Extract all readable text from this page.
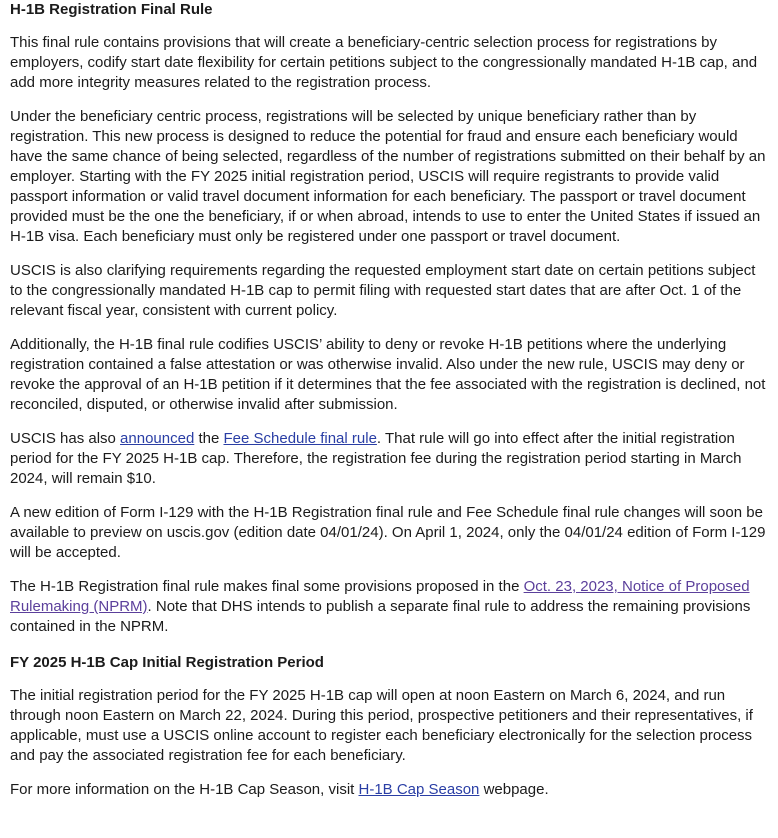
H-1B Registration Final Rule

This final rule contains provisions that will create a beneficiary-centric selection process for registrations by employers, codify start date flexibility for certain petitions subject to the congressionally mandated H-1B cap, and add more integrity measures related to the registration process.

Under the beneficiary centric process, registrations will be selected by unique beneficiary rather than by registration. This new process is designed to reduce the potential for fraud and ensure each beneficiary would have the same chance of being selected, regardless of the number of registrations submitted on their behalf by an employer. Starting with the FY 2025 initial registration period, USCIS will require registrants to provide valid passport information or valid travel document information for each beneficiary. The passport or travel document provided must be the one the beneficiary, if or when abroad, intends to use to enter the United States if issued an H-1B visa. Each beneficiary must only be registered under one passport or travel document.

USCIS is also clarifying requirements regarding the requested employment start date on certain petitions subject to the congressionally mandated H-1B cap to permit filing with requested start dates that are after Oct. 1 of the relevant fiscal year, consistent with current policy.

Additionally, the H-1B final rule codifies USCIS’ ability to deny or revoke H-1B petitions where the underlying registration contained a false attestation or was otherwise invalid. Also under the new rule, USCIS may deny or revoke the approval of an H-1B petition if it determines that the fee associated with the registration is declined, not reconciled, disputed, or otherwise invalid after submission.

USCIS has also announced the Fee Schedule final rule. That rule will go into effect after the initial registration period for the FY 2025 H-1B cap. Therefore, the registration fee during the registration period starting in March 2024, will remain $10.

A new edition of Form I-129 with the H-1B Registration final rule and Fee Schedule final rule changes will soon be available to preview on uscis.gov (edition date 04/01/24). On April 1, 2024, only the 04/01/24 edition of Form I-129 will be accepted.

The H-1B Registration final rule makes final some provisions proposed in the Oct. 23, 2023, Notice of Proposed Rulemaking (NPRM). Note that DHS intends to publish a separate final rule to address the remaining provisions contained in the NPRM.

FY 2025 H-1B Cap Initial Registration Period

The initial registration period for the FY 2025 H-1B cap will open at noon Eastern on March 6, 2024, and run through noon Eastern on March 22, 2024. During this period, prospective petitioners and their representatives, if applicable, must use a USCIS online account to register each beneficiary electronically for the selection process and pay the associated registration fee for each beneficiary.

For more information on the H-1B Cap Season, visit H-1B Cap Season webpage.
